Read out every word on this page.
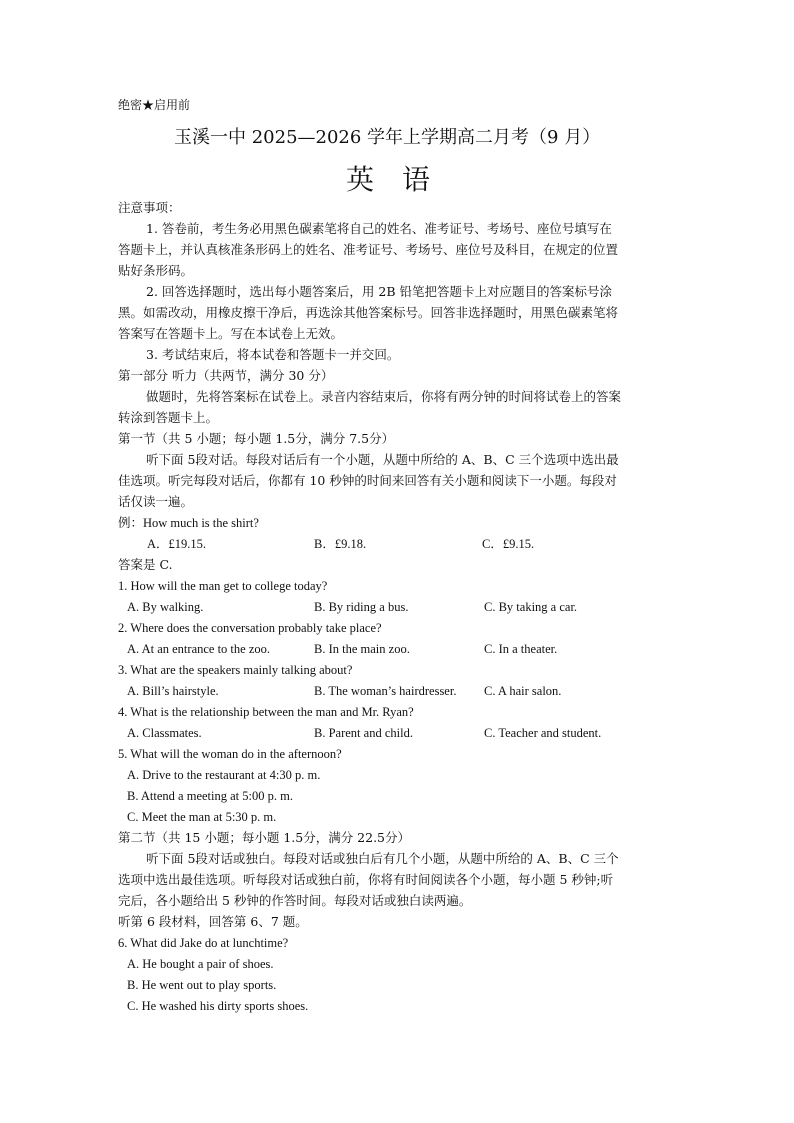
绝密★启用前
玉溪一中 2025—2026 学年上学期高二月考（9 月）
英语
注意事项：
1. 答卷前，考生务必用黑色碳素笔将自己的姓名、准考证号、考场号、座位号填写在
答题卡上，并认真核准条形码上的姓名、准考证号、考场号、座位号及科目，在规定的位置
贴好条形码。
2. 回答选择题时，选出每小题答案后，用 2B 铅笔把答题卡上对应题目的答案标号涂
黑。如需改动，用橡皮擦干净后，再选涂其他答案标号。回答非选择题时，用黑色碳素笔将
答案写在答题卡上。写在本试卷上无效。
3. 考试结束后，将本试卷和答题卡一并交回。
第一部分 听力（共两节，满分 30 分）
做题时，先将答案标在试卷上。录音内容结束后，你将有两分钟的时间将试卷上的答案
转涂到答题卡上。
第一节（共 5 小题；每小题 1.5分，满分 7.5分）
听下面 5段对话。每段对话后有一个小题，从题中所给的 A、B、C 三个选项中选出最
佳选项。听完每段对话后，你都有 10 秒钟的时间来回答有关小题和阅读下一小题。每段对
话仅读一遍。
例：How much is the shirt?
A．£19.15.	B．£9.18.	C．£9.15.
答案是 C.
1. How will the man get to college today?
A. By walking.	B. By riding a bus.	C. By taking a car.
2. Where does the conversation probably take place?
A. At an entrance to the zoo.	B. In the main zoo.	C. In a theater.
3. What are the speakers mainly talking about?
A. Bill’s hairstyle.	B. The woman’s hairdresser. C. A hair salon.
4. What is the relationship between the man and Mr. Ryan?
A. Classmates.	B. Parent and child.	C. Teacher and student.
5. What will the woman do in the afternoon?
A. Drive to the restaurant at 4:30 p. m.
B. Attend a meeting at 5:00 p. m.
C. Meet the man at 5:30 p. m.
第二节（共 15 小题；每小题 1.5分，满分 22.5分）
听下面 5段对话或独白。每段对话或独白后有几个小题，从题中所给的 A、B、C 三个
选项中选出最佳选项。听每段对话或独白前，你将有时间阅读各个小题，每小题 5 秒钟;听
完后，各小题给出 5 秒钟的作答时间。每段对话或独白读两遍。
听第 6 段材料，回答第 6、7 题。
6. What did Jake do at lunchtime?
A. He bought a pair of shoes.
B. He went out to play sports.
C. He washed his dirty sports shoes.
